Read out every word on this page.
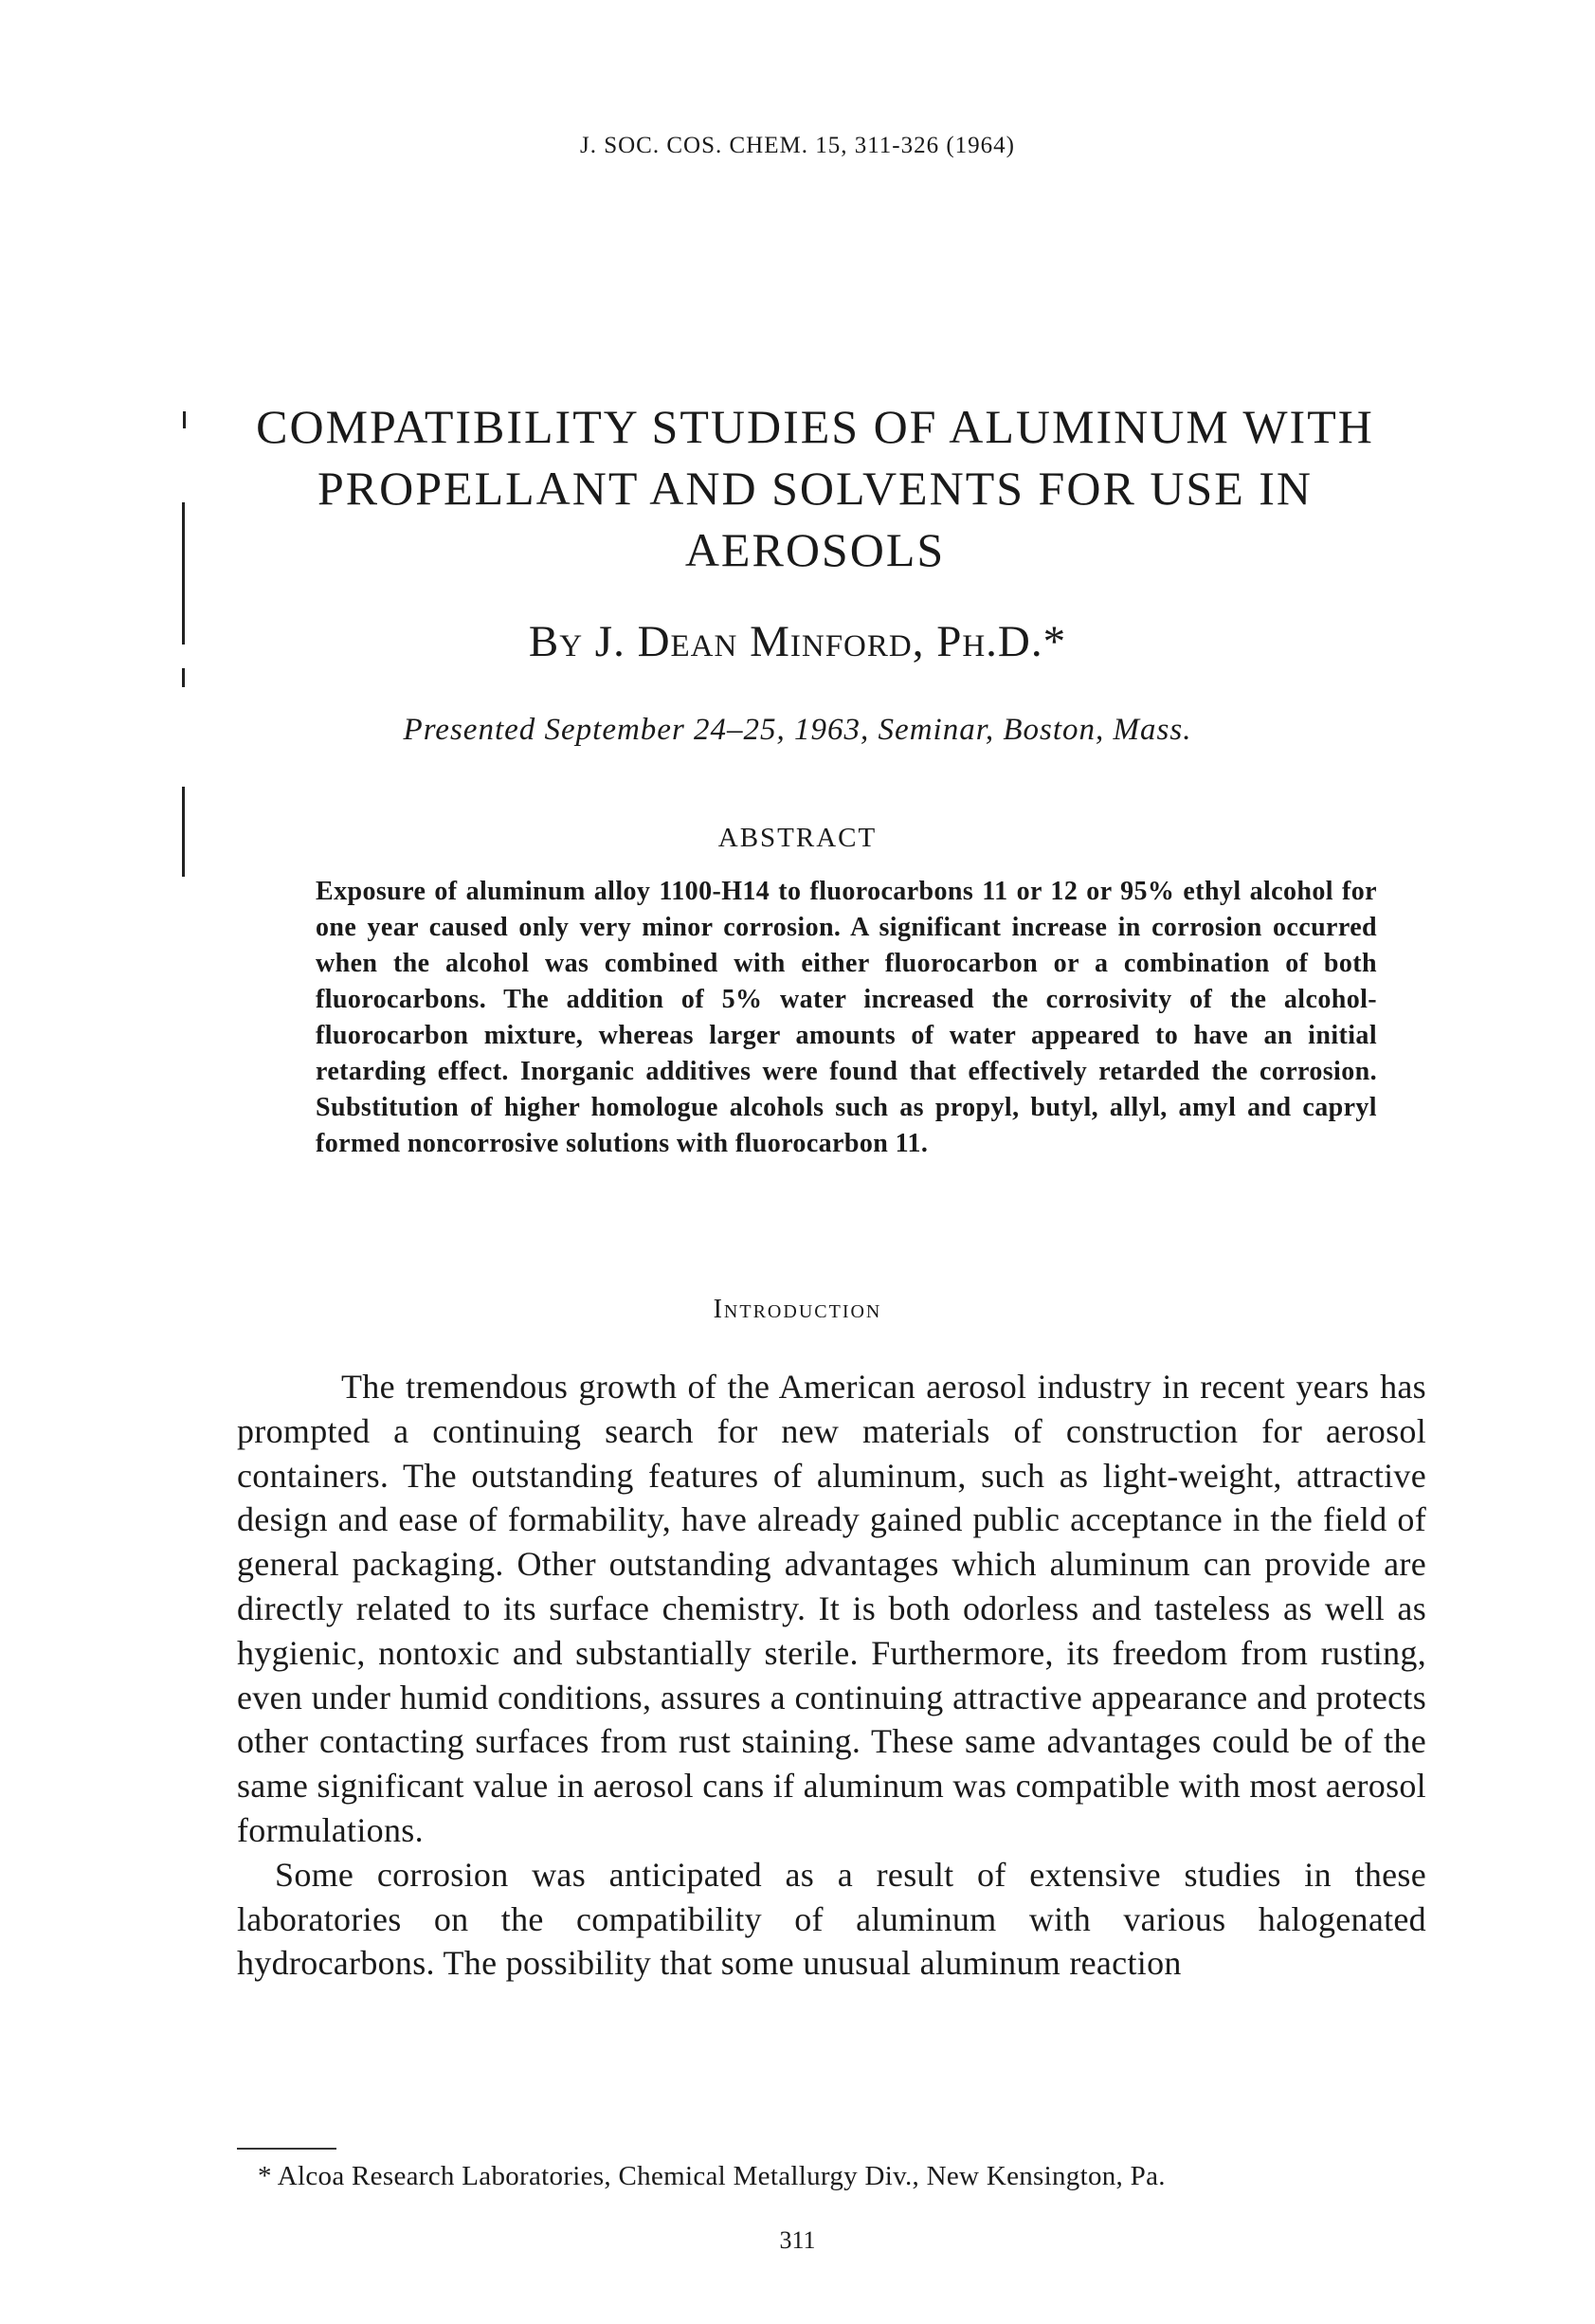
J. SOC. COS. CHEM. 15, 311-326 (1964)
COMPATIBILITY STUDIES OF ALUMINUM WITH PROPELLANT AND SOLVENTS FOR USE IN AEROSOLS
By J. Dean Minford, Ph.D.*
Presented September 24–25, 1963, Seminar, Boston, Mass.
ABSTRACT

Exposure of aluminum alloy 1100-H14 to fluorocarbons 11 or 12 or 95% ethyl alcohol for one year caused only very minor corrosion. A significant increase in corrosion occurred when the alcohol was combined with either fluorocarbon or a combination of both fluorocarbons. The addition of 5% water increased the corrosivity of the alcohol-fluorocarbon mixture, whereas larger amounts of water appeared to have an initial retarding effect. Inorganic additives were found that effectively retarded the corrosion. Substitution of higher homologue alcohols such as propyl, butyl, allyl, amyl and capryl formed noncorrosive solutions with fluorocarbon 11.

Introduction

The tremendous growth of the American aerosol industry in recent years has prompted a continuing search for new materials of construction for aerosol containers. The outstanding features of aluminum, such as light-weight, attractive design and ease of formability, have already gained public acceptance in the field of general packaging. Other outstanding advantages which aluminum can provide are directly related to its surface chemistry. It is both odorless and tasteless as well as hygienic, nontoxic and substantially sterile. Furthermore, its freedom from rusting, even under humid conditions, assures a continuing attractive appearance and protects other contacting surfaces from rust staining. These same advantages could be of the same significant value in aerosol cans if aluminum was compatible with most aerosol formulations.

Some corrosion was anticipated as a result of extensive studies in these laboratories on the compatibility of aluminum with various halogenated hydrocarbons. The possibility that some unusual aluminum reaction

* Alcoa Research Laboratories, Chemical Metallurgy Div., New Kensington, Pa.
311
